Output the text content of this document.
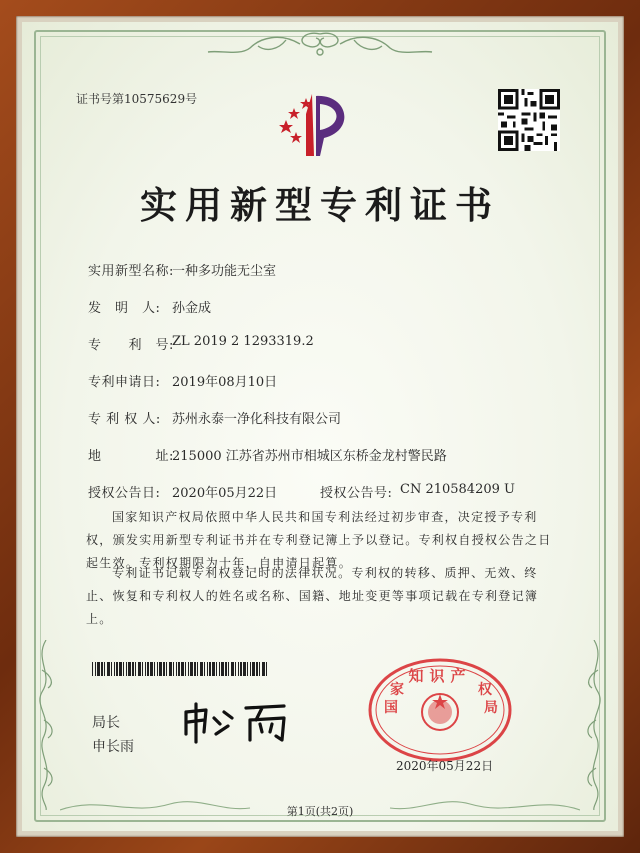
证书号第10575629号
实用新型专利证书
实用新型名称:
一种多功能无尘室
发　明　人: 孙金成
专　　利　号:
ZL 2019 2 1293319.2
专利申请日: 2019年08月10日
专 利 权 人: 苏州永泰一净化科技有限公司
地　　　　址:
215000 江苏省苏州市相城区东桥金龙村警民路
授权公告日: 2020年05月22日	授权公告号: CN 210584209 U
国家知识产权局依照中华人民共和国专利法经过初步审查，决定授予专利权，颁发实用新型专利证书并在专利登记簿上予以登记。专利权自授权公告之日起生效。专利权期限为十年，自申请日起算。
专利证书记载专利权登记时的法律状况。专利权的转移、质押、无效、终止、恢复和专利权人的姓名或名称、国籍、地址变更等事项记载在专利登记簿上。
局长
申长雨
知识产
国
家	权
局
2020年05月22日
第1页(共2页)
